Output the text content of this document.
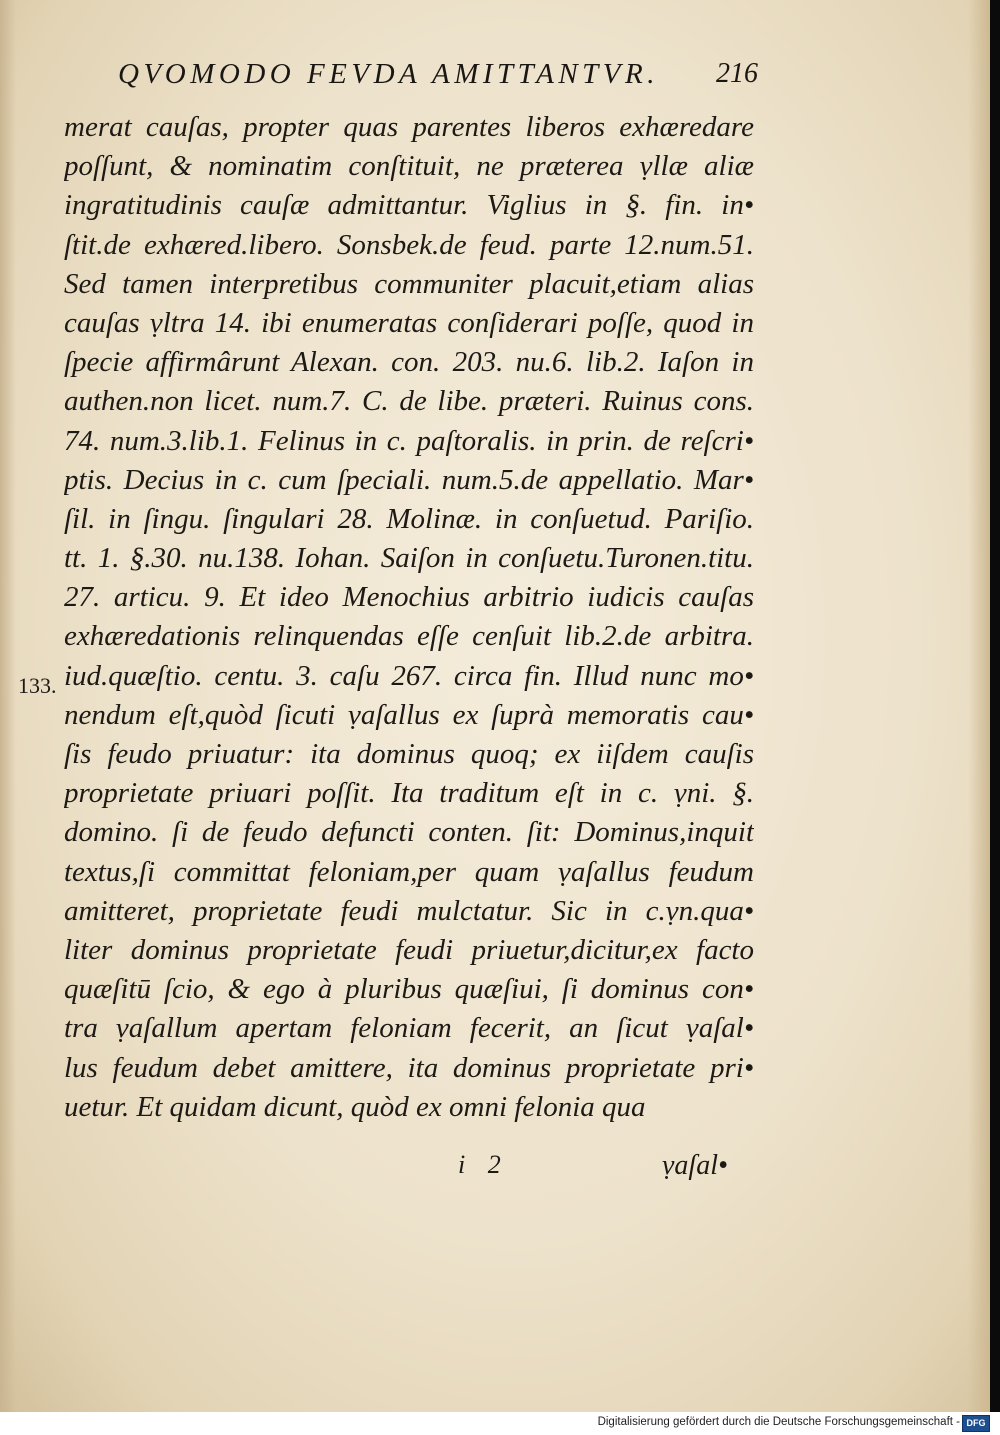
QVOMODO FEVDA AMITTANTVR. 216
133.
merat cauſas, propter quas parentes liberos exhæredare
poſſunt, & nominatim conſtituit, ne præterea ṿllæ aliæ
ingratitudinis cauſæ admittantur. Viglius in §. fin. in•
ſtit.de exhæred.libero. Sonsbek.de feud. parte 12.num.51.
Sed tamen interpretibus communiter placuit,etiam alias
cauſas ṿltra 14. ibi enumeratas conſiderari poſſe, quod in
ſpecie affirmârunt Alexan. con. 203. nu.6. lib.2. Iaſon in
authen.non licet. num.7. C. de libe. præteri. Ruinus cons.
74. num.3.lib.1. Felinus in c. paſtoralis. in prin. de reſcri•
ptis. Decius in c. cum ſpeciali. num.5.de appellatio. Mar•
ſil. in ſingu. ſingulari 28. Molinæ. in conſuetud. Pariſio.
tt. 1. §.30. nu.138. Iohan. Saiſon in conſuetu.Turonen.titu.
27. articu. 9. Et ideo Menochius arbitrio iudicis cauſas
exhæredationis relinquendas eſſe cenſuit lib.2.de arbitra.
iud.quæſtio. centu. 3. caſu 267. circa fin. Illud nunc mo•
nendum eſt,quòd ſicuti ṿaſallus ex ſuprà memoratis cau•
ſis feudo priuatur: ita dominus quoq; ex iiſdem cauſis
proprietate priuari poſſit. Ita traditum eſt in c. ṿni. §.
domino. ſi de feudo defuncti conten. ſit: Dominus,inquit
textus,ſi committat feloniam,per quam ṿaſallus feudum
amitteret, proprietate feudi mulctatur. Sic in c.ṿn.qua•
liter dominus proprietate feudi priuetur,dicitur,ex facto
quæſitū ſcio, & ego à pluribus quæſiui, ſi dominus con•
tra ṿaſallum apertam feloniam fecerit, an ſicut ṿaſal•
lus feudum debet amittere, ita dominus proprietate pri•
uetur. Et quidam dicunt, quòd ex omni felonia qua
i 2	ṿaſal•
Digitalisierung gefördert durch die Deutsche Forschungsgemeinschaft - DFG
